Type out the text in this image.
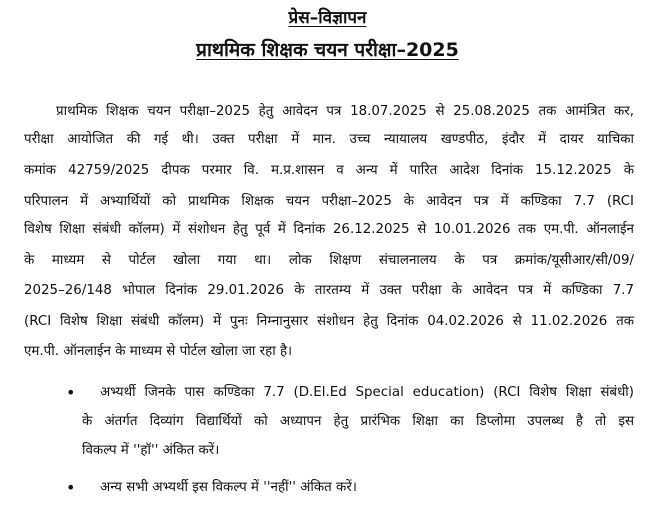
प्रेस–विज्ञापन
प्राथमिक शिक्षक चयन परीक्षा–2025
प्राथमिक शिक्षक चयन परीक्षा–2025 हेतु आवेदन पत्र 18.07.2025 से 25.08.2025 तक आमंत्रित कर,
परीक्षा आयोजित की गई थी। उक्त परीक्षा में मान. उच्च न्यायालय खण्डपीठ, इंदौर में दायर याचिका
कमांक 42759/2025 दीपक परमार वि. म.प्र.शासन व अन्य में पारित आदेश दिनांक 15.12.2025 के
परिपालन में अभ्यार्थियों को प्राथमिक शिक्षक चयन परीक्षा–2025 के आवेदन पत्र में कण्डिका 7.7 (RCI
विशेष शिक्षा संबंधी कॉलम) में संशोधन हेतु पूर्व में दिनांक 26.12.2025 से 10.01.2026 तक एम.पी. ऑनलाईन
के माध्यम से पोर्टल खोला गया था। लोक शिक्षण संचालनालय के पत्र क्रमांक/यूसीआर/सी/09/
2025–26/148 भोपाल दिनांक 29.01.2026 के तारतम्य में उक्त परीक्षा के आवेदन पत्र में कण्डिका 7.7
(RCI विशेष शिक्षा संबंधी कॉलम) में पुनः निम्नानुसार संशोधन हेतु दिनांक 04.02.2026 से 11.02.2026 तक
एम.पी. ऑनलाईन के माध्यम से पोर्टल खोला जा रहा है।
• अभ्यर्थी जिनके पास कण्डिका 7.7 (D.El.Ed Special education) (RCI विशेष शिक्षा संबंधी)
के अंतर्गत दिव्यांग विद्यार्थियों को अध्यापन हेतु प्रारंभिक शिक्षा का डिप्लोमा उपलब्ध है तो इस
विकल्प में ''हॉ'' अंकित करें।
• अन्य सभी अभ्यर्थी इस विकल्प में ''नहीं'' अंकित करें।
